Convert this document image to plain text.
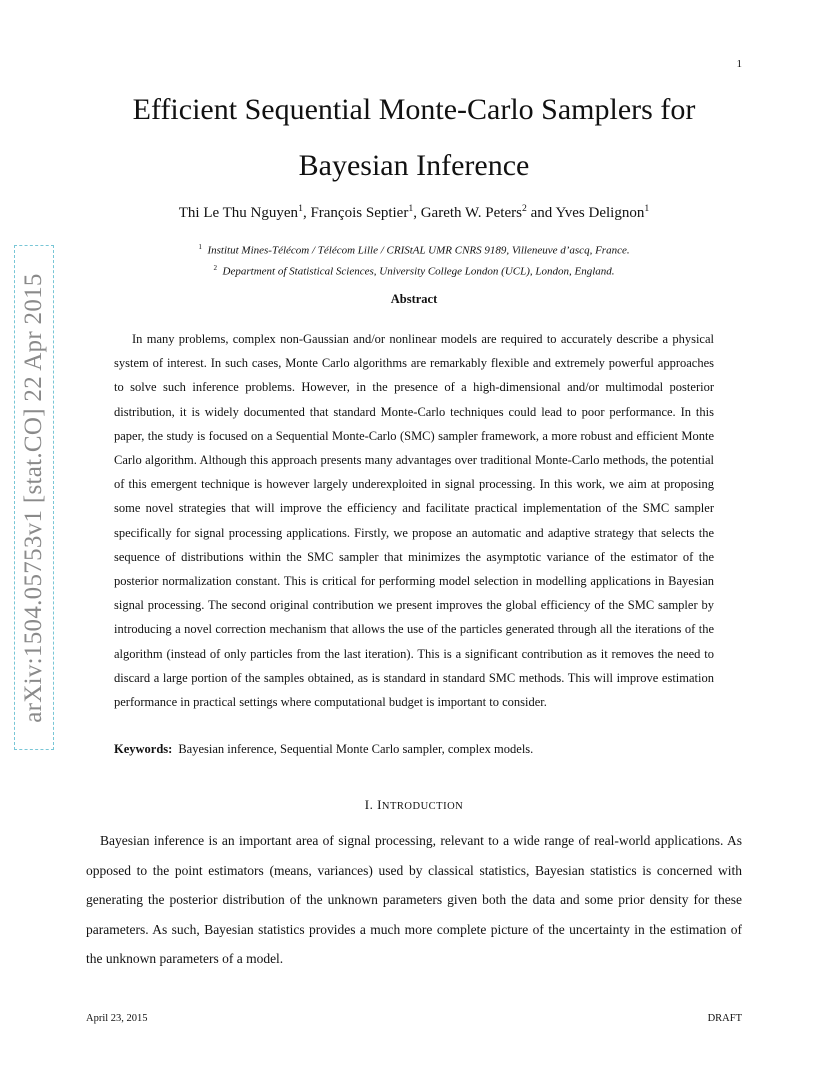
1
arXiv:1504.05753v1 [stat.CO] 22 Apr 2015
Efficient Sequential Monte-Carlo Samplers for
Bayesian Inference
Thi Le Thu Nguyen$^1$, François Septier$^1$, Gareth W. Peters$^2$ and Yves Delignon$^1$
$^1$ Institut Mines-Télécom / Télécom Lille / CRIStAL UMR CNRS 9189, Villeneuve d’ascq, France.
$^2$ Department of Statistical Sciences, University College London (UCL), London, England.
Abstract

In many problems, complex non-Gaussian and/or nonlinear models are required to accurately describe a physical system of interest. In such cases, Monte Carlo algorithms are remarkably flexible and extremely powerful approaches to solve such inference problems. However, in the presence of a high-dimensional and/or multimodal posterior distribution, it is widely documented that standard Monte-Carlo techniques could lead to poor performance. In this paper, the study is focused on a Sequential Monte-Carlo (SMC) sampler framework, a more robust and efficient Monte Carlo algorithm. Although this approach presents many advantages over traditional Monte-Carlo methods, the potential of this emergent technique is however largely underexploited in signal processing. In this work, we aim at proposing some novel strategies that will improve the efficiency and facilitate practical implementation of the SMC sampler specifically for signal processing applications. Firstly, we propose an automatic and adaptive strategy that selects the sequence of distributions within the SMC sampler that minimizes the asymptotic variance of the estimator of the posterior normalization constant. This is critical for performing model selection in modelling applications in Bayesian signal processing. The second original contribution we present improves the global efficiency of the SMC sampler by introducing a novel correction mechanism that allows the use of the particles generated through all the iterations of the algorithm (instead of only particles from the last iteration). This is a significant contribution as it removes the need to discard a large portion of the samples obtained, as is standard in standard SMC methods. This will improve estimation performance in practical settings where computational budget is important to consider.

Keywords: Bayesian inference, Sequential Monte Carlo sampler, complex models.
I. INTRODUCTION

Bayesian inference is an important area of signal processing, relevant to a wide range of real-world applications. As opposed to the point estimators (means, variances) used by classical statistics, Bayesian statistics is concerned with generating the posterior distribution of the unknown parameters given both the data and some prior density for these parameters. As such, Bayesian statistics provides a much more complete picture of the uncertainty in the estimation of the unknown parameters of a model.

April 23, 2015	DRAFT
